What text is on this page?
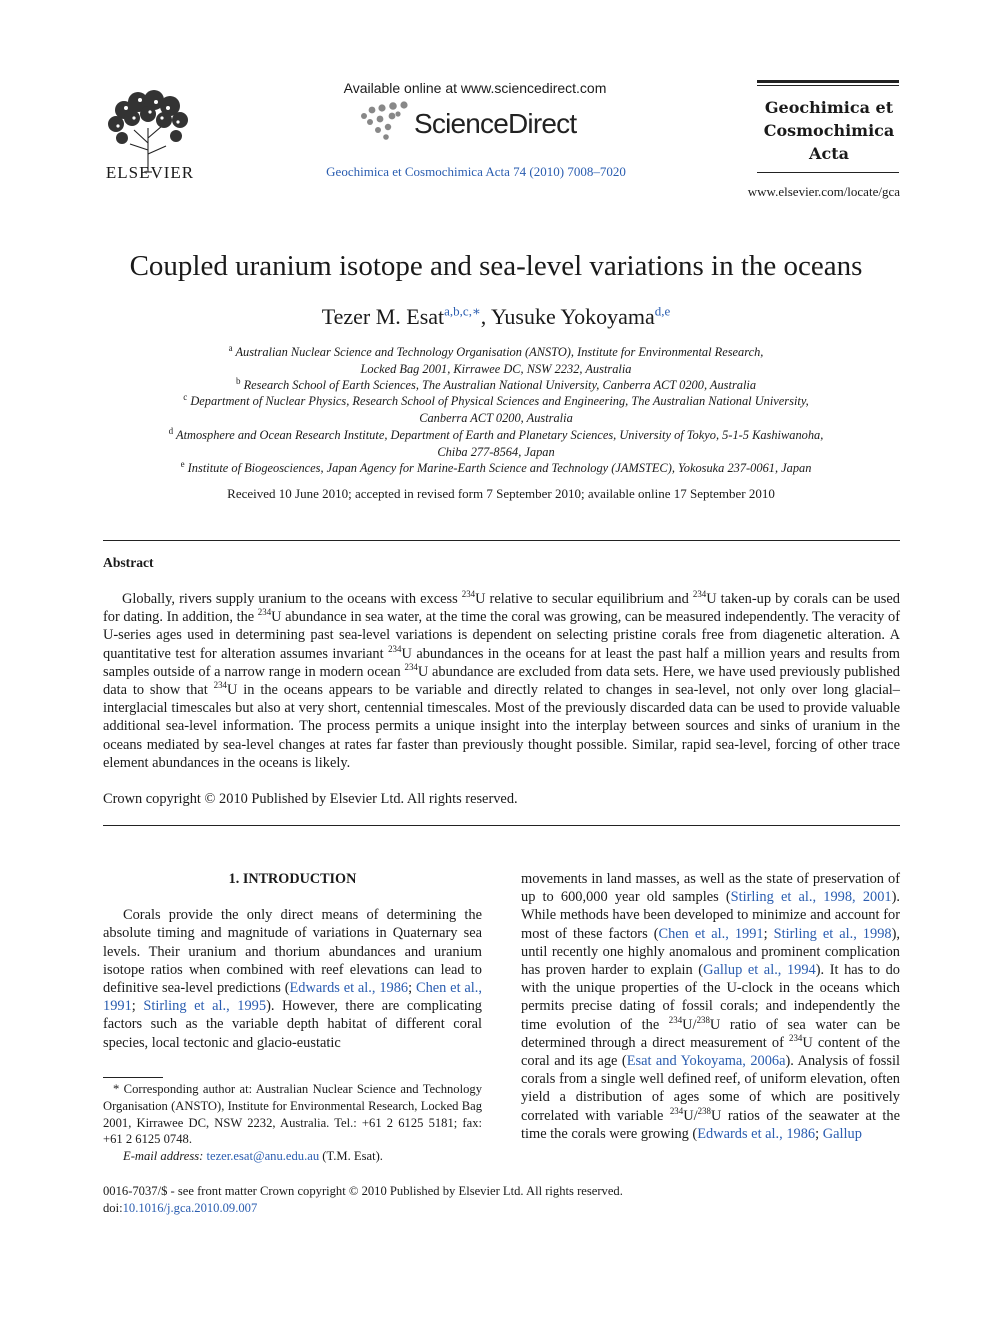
ELSEVIER
Available online at www.sciencedirect.com
ScienceDirect
Geochimica et Cosmochimica Acta 74 (2010) 7008–7020
Geochimica et
Cosmochimica
Acta
www.elsevier.com/locate/gca
Coupled uranium isotope and sea-level variations in the oceans
Tezer M. Esat$^{a,b,c,∗}$, Yusuke Yokoyama$^{d,e}$
$^a$ Australian Nuclear Science and Technology Organisation (ANSTO), Institute for Environmental Research,
Locked Bag 2001, Kirrawee DC, NSW 2232, Australia
$^b$ Research School of Earth Sciences, The Australian National University, Canberra ACT 0200, Australia
$^c$ Department of Nuclear Physics, Research School of Physical Sciences and Engineering, The Australian National University,
Canberra ACT 0200, Australia
$^d$ Atmosphere and Ocean Research Institute, Department of Earth and Planetary Sciences, University of Tokyo, 5-1-5 Kashiwanoha,
Chiba 277-8564, Japan
$^e$ Institute of Biogeosciences, Japan Agency for Marine-Earth Science and Technology (JAMSTEC), Yokosuka 237-0061, Japan
Received 10 June 2010; accepted in revised form 7 September 2010; available online 17 September 2010
Abstract

Globally, rivers supply uranium to the oceans with excess $^{234}$U relative to secular equilibrium and $^{234}$U taken-up by corals can be used for dating. In addition, the $^{234}$U abundance in sea water, at the time the coral was growing, can be measured independently. The veracity of U-series ages used in determining past sea-level variations is dependent on selecting pristine corals free from diagenetic alteration. A quantitative test for alteration assumes invariant $^{234}$U abundances in the oceans for at least the past half a million years and results from samples outside of a narrow range in modern ocean $^{234}$U abundance are excluded from data sets. Here, we have used previously published data to show that $^{234}$U in the oceans appears to be variable and directly related to changes in sea-level, not only over long glacial–interglacial timescales but also at very short, centennial timescales. Most of the previously discarded data can be used to provide valuable additional sea-level information. The process permits a unique insight into the interplay between sources and sinks of uranium in the oceans mediated by sea-level changes at rates far faster than previously thought possible. Similar, rapid sea-level, forcing of other trace element abundances in the oceans is likely.

Crown copyright © 2010 Published by Elsevier Ltd. All rights reserved.

1. INTRODUCTION

Corals provide the only direct means of determining the absolute timing and magnitude of variations in Quaternary sea levels. Their uranium and thorium abundances and uranium isotope ratios when combined with reef elevations can lead to definitive sea-level predictions (Edwards et al., 1986; Chen et al., 1991; Stirling et al., 1995). However, there are complicating factors such as the variable depth habitat of different coral species, local tectonic and glacio-eustatic

* Corresponding author at: Australian Nuclear Science and Technology Organisation (ANSTO), Institute for Environmental Research, Locked Bag 2001, Kirrawee DC, NSW 2232, Australia. Tel.: +61 2 6125 5181; fax: +61 2 6125 0748.

E-mail address: tezer.esat@anu.edu.au (T.M. Esat).

movements in land masses, as well as the state of preservation of up to 600,000 year old samples (Stirling et al., 1998, 2001). While methods have been developed to minimize and account for most of these factors (Chen et al., 1991; Stirling et al., 1998), until recently one highly anomalous and prominent complication has proven harder to explain (Gallup et al., 1994). It has to do with the unique properties of the U-clock in the oceans which permits precise dating of fossil corals; and independently the time evolution of the $^{234}$U/$^{238}$U ratio of sea water can be determined through a direct measurement of $^{234}$U content of the coral and its age (Esat and Yokoyama, 2006a). Analysis of fossil corals from a single well defined reef, of uniform elevation, often yield a distribution of ages some of which are positively correlated with variable $^{234}$U/$^{238}$U ratios of the seawater at the time the corals were growing (Edwards et al., 1986; Gallup

0016-7037/$ - see front matter Crown copyright © 2010 Published by Elsevier Ltd. All rights reserved.
doi:10.1016/j.gca.2010.09.007
